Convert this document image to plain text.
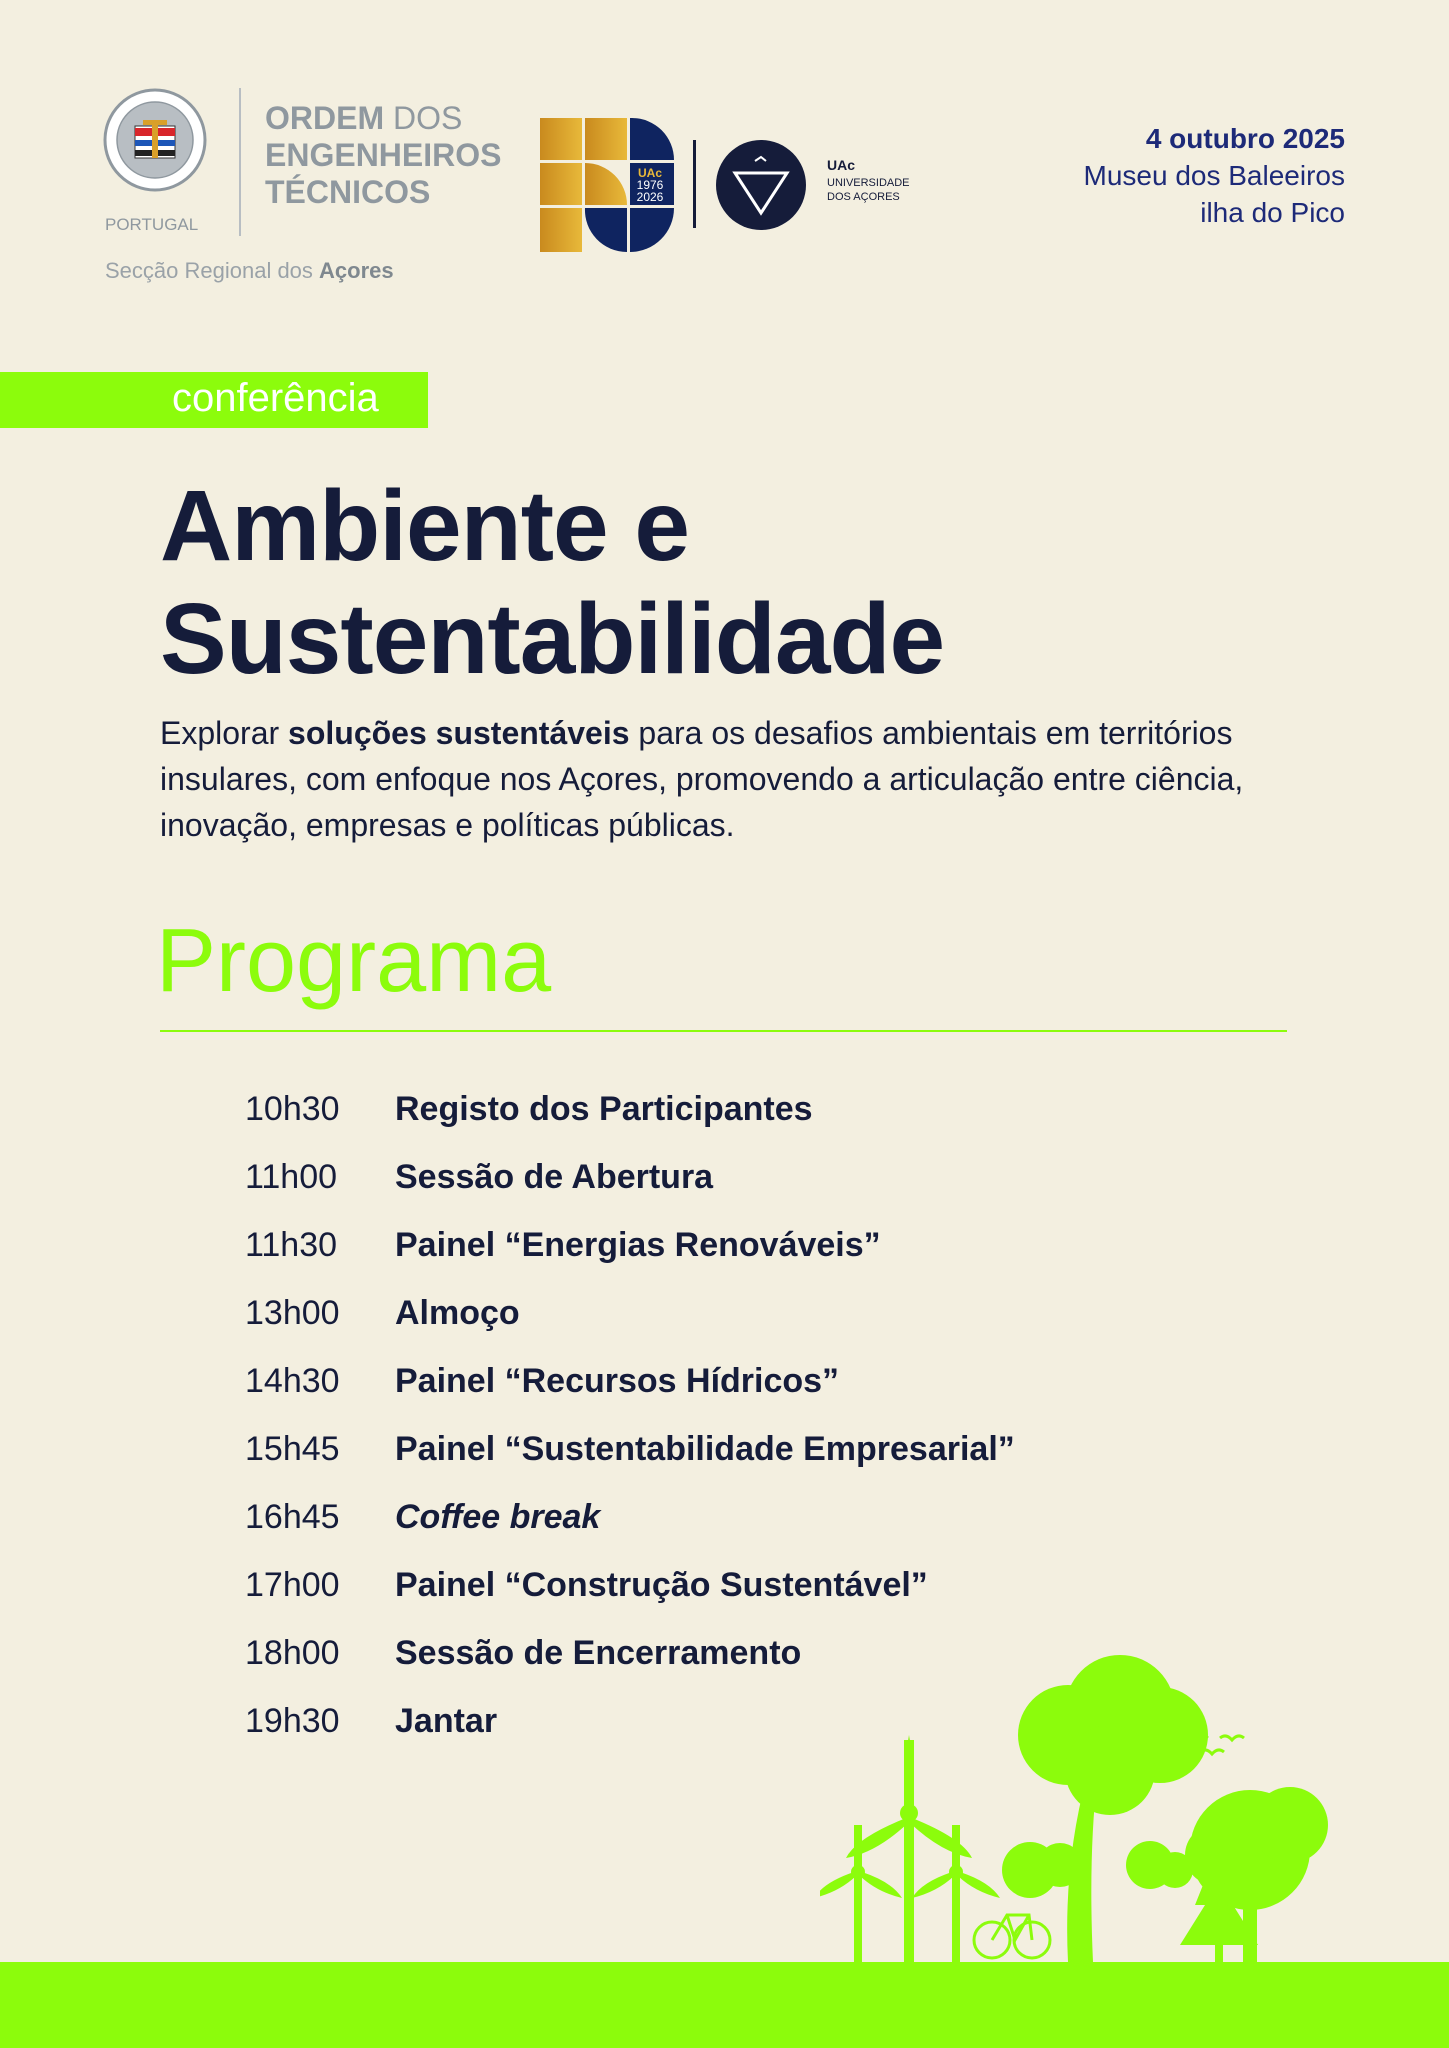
PORTUGAL
ORDEM DOS
ENGENHEIROS
TÉCNICOS
Secção Regional dos Açores
UAc
1976
2026
UAc
UNIVERSIDADE
DOS AÇORES
4 outubro 2025
Museu dos Baleeiros
ilha do Pico
conferência
Ambiente e
Sustentabilidade

Explorar soluções sustentáveis para os desafios ambientais em territórios insulares, com enfoque nos Açores, promovendo a articulação entre ciência, inovação, empresas e políticas públicas.

Programa
10h30	Registo dos Participantes
11h00	Sessão de Abertura
11h30	Painel “Energias Renováveis”
13h00	Almoço
14h30	Painel “Recursos Hídricos”
15h45	Painel “Sustentabilidade Empresarial”
16h45	Coffee break
17h00	Painel “Construção Sustentável”
18h00	Sessão de Encerramento
19h30	Jantar
